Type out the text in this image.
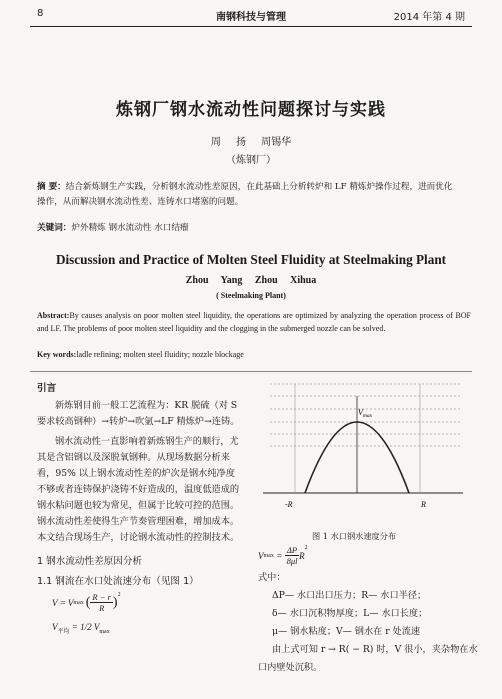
8	南钢科技与管理	2014 年第 4 期
炼钢厂钢水流动性问题探讨与实践
周 扬 周锡华
（炼钢厂）
摘 要：结合新炼钢生产实践，分析钢水流动性差原因，在此基础上分析转炉和 LF 精炼炉操作过程，进而优化
操作，从而解决钢水流动性差、连铸水口堵塞的问题。
关键词：炉外精炼 钢水流动性 水口结瘤
Discussion and Practice of Molten Steel Fluidity at Steelmaking Plant
Zhou Yang Zhou Xihua
( Steelmaking Plant)
Abstract:By causes analysis on poor molten steel liquidity, the operations are optimized by analyzing the operation process of BOF and LF. The problems of poor molten steel liquidity and the clogging in the submerged nozzle can be solved.
Key words:ladle refining; molten steel fluidity; nozzle blockage
引言
新炼钢目前一般工艺流程为：KR 脱硫（对 S 要求较高钢种）→转炉→吹氩→LF 精炼炉→连铸。
钢水流动性一直影响着新炼钢生产的顺行，尤其是含铝钢以及深脱氧钢种。从现场数据分析来看，95% 以上钢水流动性差的炉次是钢水纯净度不够或者连铸保护浇铸不好造成的，温度低造成的钢水粘问题也较为常见，但属于比较可控的范围。钢水流动性差使得生产节奏管理困难，增加成本。本文结合现场生产，讨论钢水流动性的控制技术。
1 钢水流动性差原因分析
1.1 钢流在水口处流速分布（见图 1）
V = V max ( $\frac{R - r}{R} )^2$
$V_{平均} = 1/2$ $V_{max}$
$V_{max}$
-R	R
图 1 水口钢水速度分布
V $\max = \frac{\Delta P}{8\mu l}$ R
$^2$
式中：
ΔP— 水口出口压力；R— 水口半径；
δ— 水口沉积物厚度；L— 水口长度；
μ— 钢水粘度；V— 钢水在 r 处流速
由上式可知 r → R( − R) 时，V 很小，夹杂物在水
口内壁处沉积。
